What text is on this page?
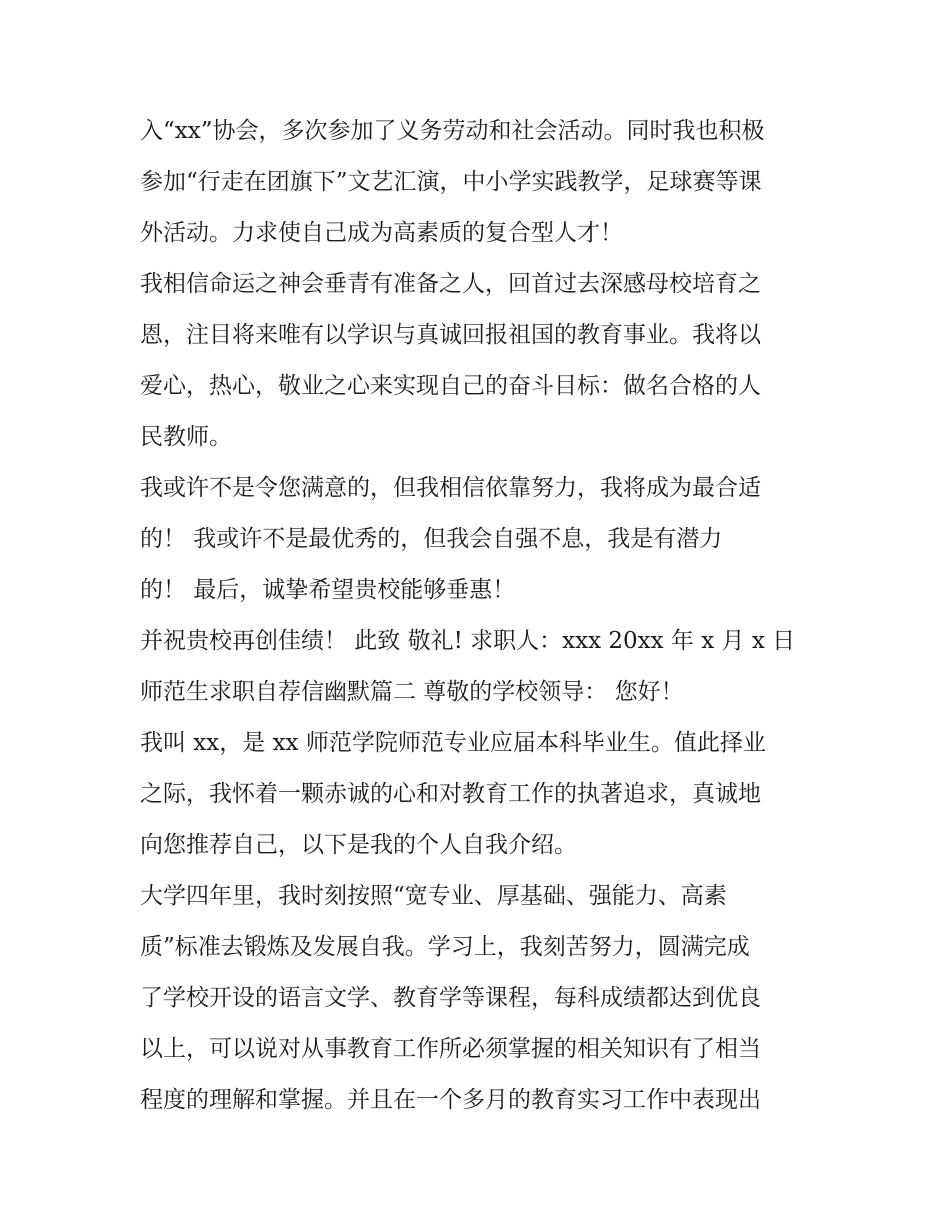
入“xx”协会，多次参加了义务劳动和社会活动。同时我也积极
参加“行走在团旗下”文艺汇演，中小学实践教学，足球赛等课
外活动。力求使自己成为高素质的复合型人才！
我相信命运之神会垂青有准备之人，回首过去深感母校培育之
恩，注目将来唯有以学识与真诚回报祖国的教育事业。我将以
爱心，热心，敬业之心来实现自己的奋斗目标：做名合格的人
民教师。
我或许不是令您满意的，但我相信依靠努力，我将成为最合适
的！ 我或许不是最优秀的，但我会自强不息，我是有潜力
的！ 最后，诚挚希望贵校能够垂惠！
并祝贵校再创佳绩！ 此致 敬礼! 求职人：xxx 20xx 年 x 月 x 日
师范生求职自荐信幽默篇二 尊敬的学校领导： 您好！
我叫 xx，是 xx 师范学院师范专业应届本科毕业生。值此择业
之际，我怀着一颗赤诚的心和对教育工作的执著追求，真诚地
向您推荐自己，以下是我的个人自我介绍。
大学四年里，我时刻按照“宽专业、厚基础、强能力、高素
质”标准去锻炼及发展自我。学习上，我刻苦努力，圆满完成
了学校开设的语言文学、教育学等课程，每科成绩都达到优良
以上，可以说对从事教育工作所必须掌握的相关知识有了相当
程度的理解和掌握。并且在一个多月的教育实习工作中表现出
